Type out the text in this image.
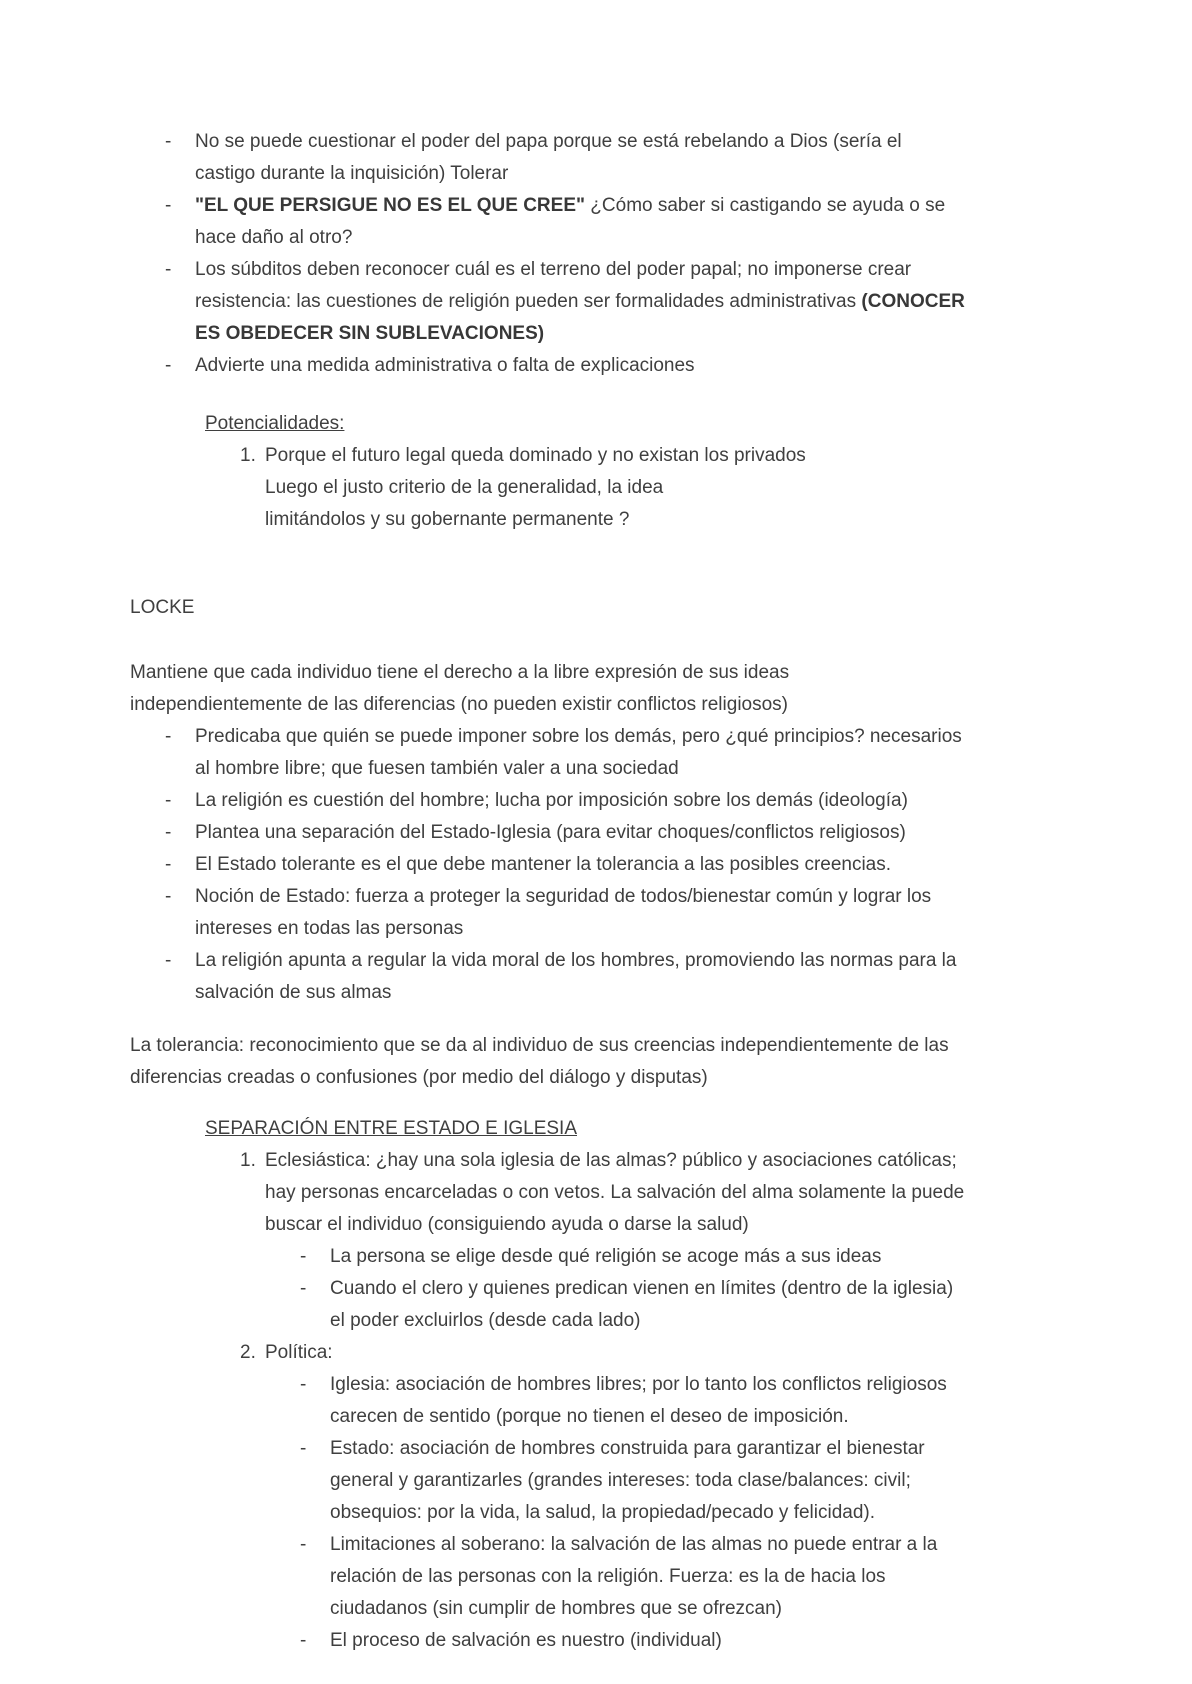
- No se puede cuestionar el poder del papa porque se está rebelando a Dios (sería el castigo durante la inquisición) Tolerar
- "EL QUE PERSIGUE NO ES EL QUE CREE" ¿Cómo saber si castigando se ayuda o se hace daño al otro?
- Los súbditos deben reconocer cuál es el terreno del poder papal; no imponerse crear resistencia: las cuestiones de religión pueden ser formalidades administrativas (CONOCER ES OBEDECER SIN SUBLEVACIONES)
- Advierte una medida administrativa o falta de explicaciones
Potencialidades:
1. Porque el futuro legal queda dominado y no existan los privados
Luego el justo criterio de la generalidad, la idea
limitándolos y su gobernante permanente ?
LOCKE
Mantiene que cada individuo tiene el derecho a la libre expresión de sus ideas independientemente de las diferencias (no pueden existir conflictos religiosos)
- Predicaba que quién se puede imponer sobre los demás, pero ¿qué principios? necesarios al hombre libre; que fuesen también valer a una sociedad
- La religión es cuestión del hombre; lucha por imposición sobre los demás (ideología)
- Plantea una separación del Estado-Iglesia (para evitar choques/conflictos religiosos)
- El Estado tolerante es el que debe mantener la tolerancia a las posibles creencias.
- Noción de Estado: fuerza a proteger la seguridad de todos/bienestar común y lograr los intereses en todas las personas
- La religión apunta a regular la vida moral de los hombres, promoviendo las normas para la salvación de sus almas
La tolerancia: reconocimiento que se da al individuo de sus creencias independientemente de las diferencias creadas o confusiones (por medio del diálogo y disputas)
SEPARACIÓN ENTRE ESTADO E IGLESIA
1. Eclesiástica: ¿hay una sola iglesia de las almas? público y asociaciones católicas; hay personas encarceladas o con vetos. La salvación del alma solamente la puede buscar el individuo (consiguiendo ayuda o darse la salud)
- La persona se elige desde qué religión se acoge más a sus ideas
- Cuando el clero y quienes predican vienen en límites (dentro de la iglesia) el poder excluirlos (desde cada lado)
2. Política:
- Iglesia: asociación de hombres libres; por lo tanto los conflictos religiosos carecen de sentido (porque no tienen el deseo de imposición.
- Estado: asociación de hombres construida para garantizar el bienestar general y garantizarles (grandes intereses: toda clase/balances: civil; obsequios: por la vida, la salud, la propiedad/pecado y felicidad).
- Limitaciones al soberano: la salvación de las almas no puede entrar a la relación de las personas con la religión. Fuerza: es la de hacia los ciudadanos (sin cumplir de hombres que se ofrezcan)
- El proceso de salvación es nuestro (individual)
